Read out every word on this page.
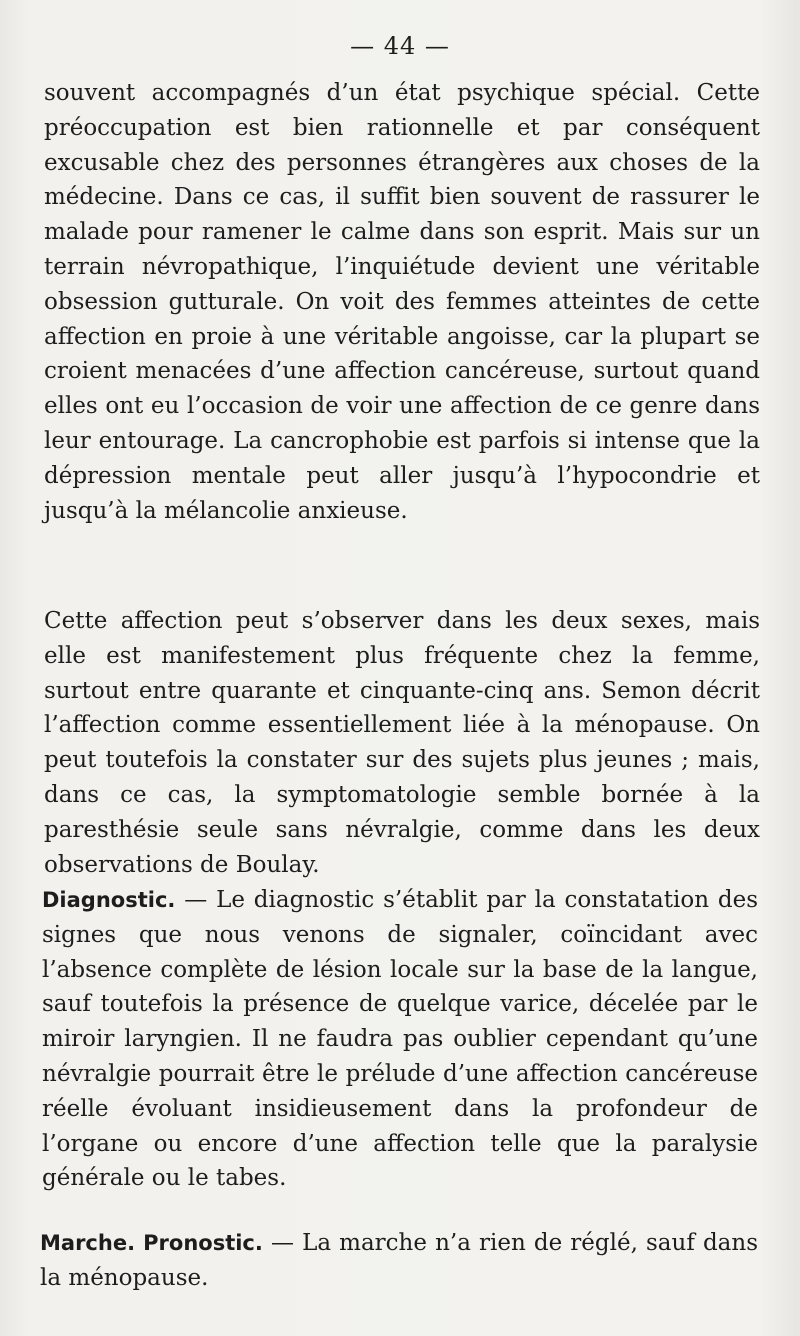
— 44 —

souvent accompagnés d’un état psychique spécial. Cette préoccupation est bien rationnelle et par conséquent excusable chez des personnes étrangères aux choses de la médecine. Dans ce cas, il suffit bien souvent de rassurer le malade pour ramener le calme dans son esprit. Mais sur un terrain névropathique, l’inquiétude devient une véritable obsession gutturale. On voit des femmes atteintes de cette affection en proie à une véritable angoisse, car la plupart se croient menacées d’une affection cancéreuse, surtout quand elles ont eu l’occasion de voir une affection de ce genre dans leur entourage. La cancrophobie est parfois si intense que la dépression mentale peut aller jusqu’à l’hypocondrie et jusqu’à la mélancolie anxieuse.

Cette affection peut s’observer dans les deux sexes, mais elle est manifestement plus fréquente chez la femme, surtout entre quarante et cinquante-cinq ans. Semon décrit l’affection comme essentiellement liée à la ménopause. On peut toutefois la constater sur des sujets plus jeunes ; mais, dans ce cas, la symptomatologie semble bornée à la paresthésie seule sans névralgie, comme dans les deux observations de Boulay.

Diagnostic. — Le diagnostic s’établit par la constatation des signes que nous venons de signaler, coïncidant avec l’absence complète de lésion locale sur la base de la langue, sauf toutefois la présence de quelque varice, décelée par le miroir laryngien. Il ne faudra pas oublier cependant qu’une névralgie pourrait être le prélude d’une affection cancéreuse réelle évoluant insidieusement dans la profondeur de l’organe ou encore d’une affection telle que la paralysie générale ou le tabes.

Marche. Pronostic. — La marche n’a rien de réglé, sauf dans la ménopause.
